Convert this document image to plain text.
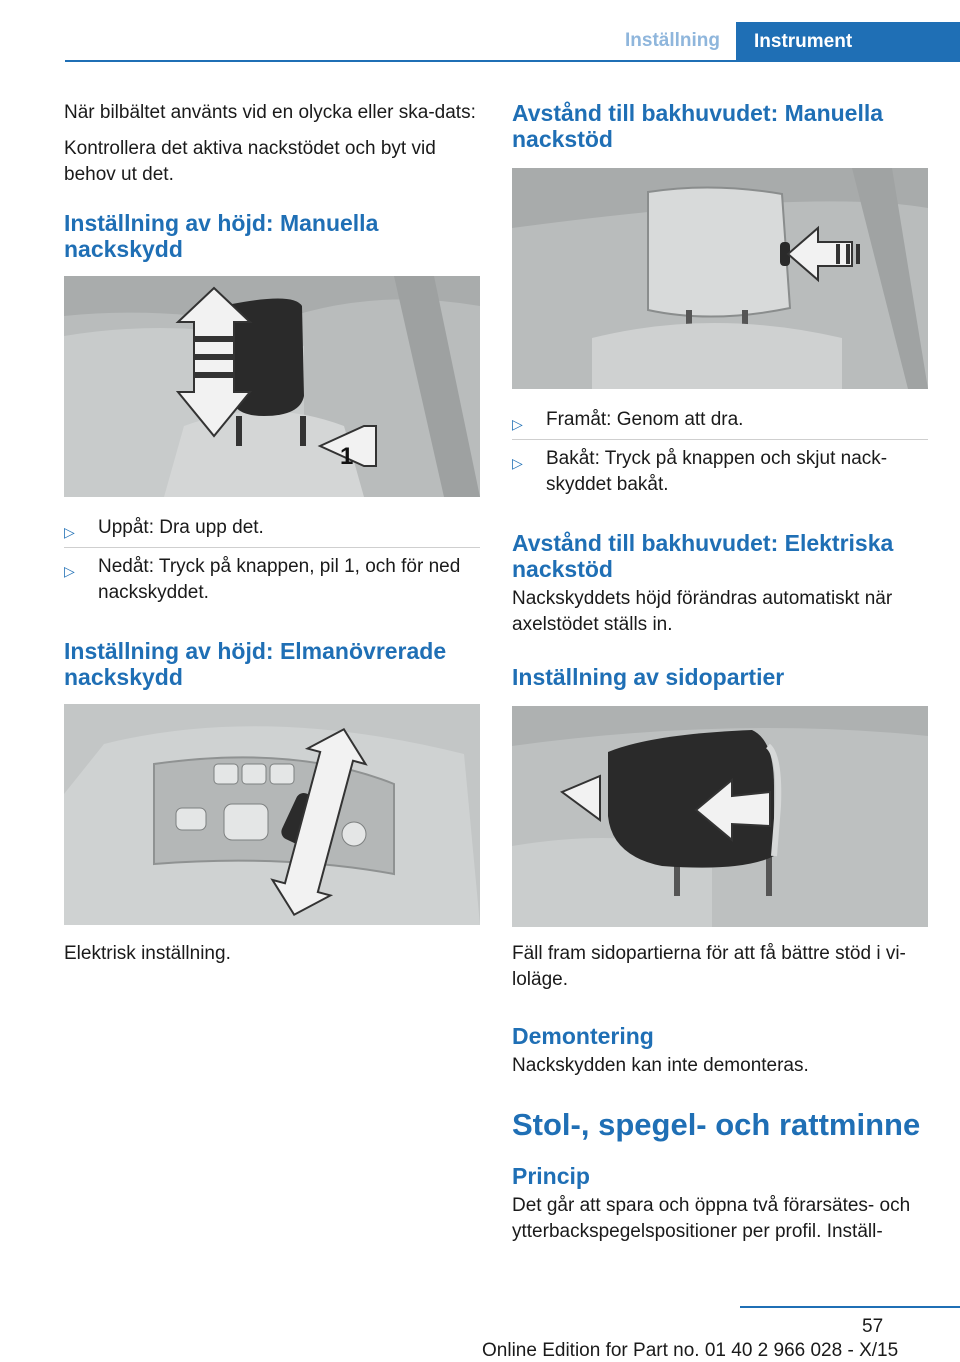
Inställning	Instrument

När bilbältet använts vid en olycka eller ska‐dats:

Kontrollera det aktiva nackstödet och byt vid behov ut det.

Inställning av höjd: Manuella nackskydd
1
▷ Uppåt: Dra upp det.
▷ Nedåt: Tryck på knappen, pil 1, och för ned nackskyddet.
Inställning av höjd: Elmanövrerade nackskydd

Elektrisk inställning.

Avstånd till bakhuvudet: Manuella nackstöd
▷ Framåt: Genom att dra.
▷ Bakåt: Tryck på knappen och skjut nack‐skyddet bakåt.
Avstånd till bakhuvudet: Elektriska nackstöd

Nackskyddets höjd förändras automatiskt när axelstödet ställs in.

Inställning av sidopartier

Fäll fram sidopartierna för att få bättre stöd i vi‐loläge.

Demontering

Nackskydden kan inte demonteras.

Stol-, spegel- och rattminne
Princip

Det går att spara och öppna två förarsätes- och ytterbackspegelspositioner per profil. Inställ‐

57
Online Edition for Part no. 01 40 2 966 028 - X/15
